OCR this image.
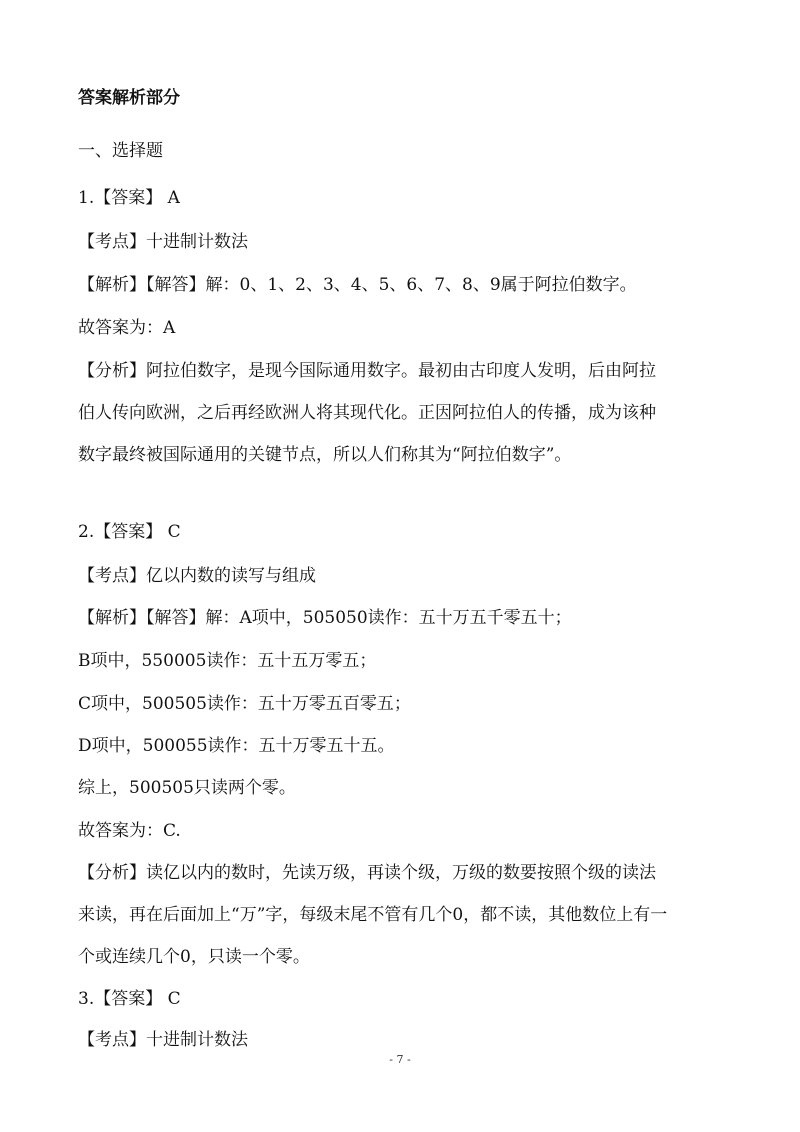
答案解析部分
一、选择题
1.【答案】 A
【考点】十进制计数法
【解析】【解答】解：0、1、2、3、4、5、6、7、8、9属于阿拉伯数字。
故答案为：A
【分析】阿拉伯数字，是现今国际通用数字。最初由古印度人发明，后由阿拉
伯人传向欧洲，之后再经欧洲人将其现代化。正因阿拉伯人的传播，成为该种
数字最终被国际通用的关键节点，所以人们称其为“阿拉伯数字”。
2.【答案】 C
【考点】亿以内数的读写与组成
【解析】【解答】解：A项中，505050读作：五十万五千零五十；
B项中，550005读作：五十五万零五；
C项中，500505读作：五十万零五百零五；
D项中，500055读作：五十万零五十五。
综上，500505只读两个零。
故答案为：C.
【分析】读亿以内的数时，先读万级，再读个级，万级的数要按照个级的读法
来读，再在后面加上“万”字，每级末尾不管有几个0，都不读，其他数位上有一
个或连续几个0，只读一个零。
3.【答案】 C
【考点】十进制计数法
- 7 -
